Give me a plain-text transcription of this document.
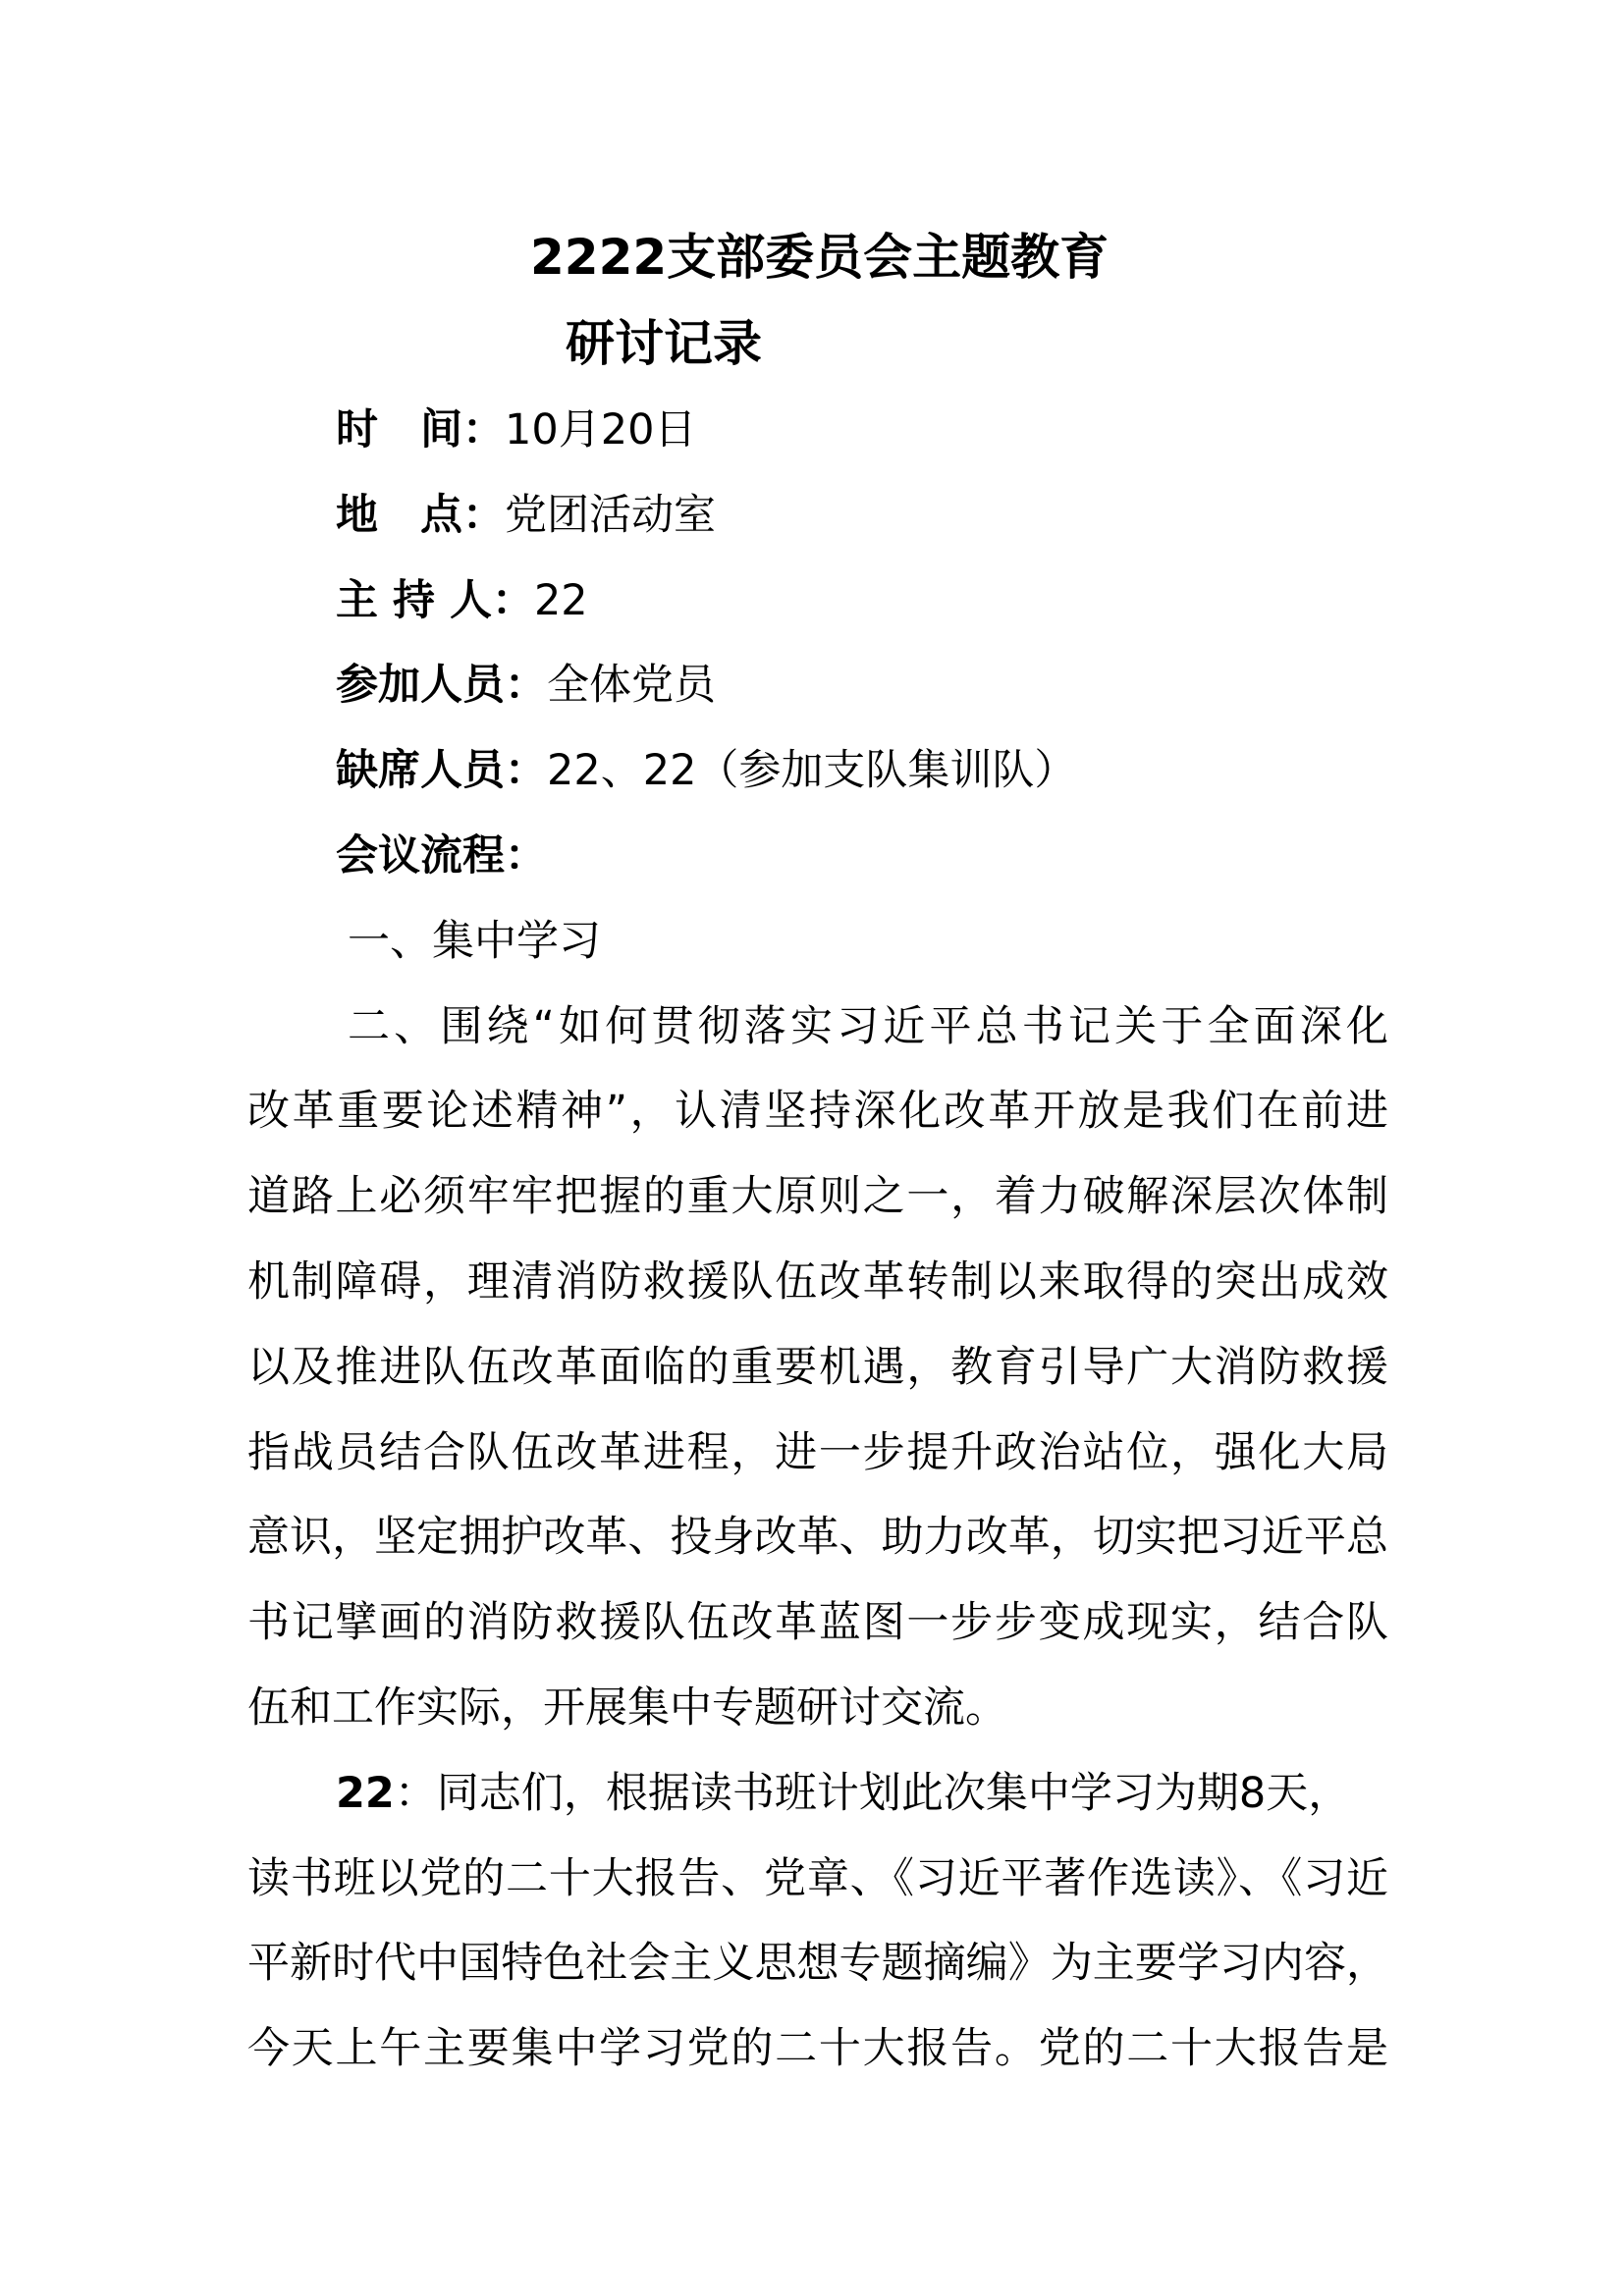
2222支部委员会主题教育
研讨记录
时　间：10月20日
地　点：党团活动室
主 持 人：22
参加人员：全体党员
缺席人员：22、22（参加支队集训队）
会议流程：
一、集中学习
二、围绕“如何贯彻落实习近平总书记关于全面深化
改革重要论述精神”，认清坚持深化改革开放是我们在前进
道路上必须牢牢把握的重大原则之一，着力破解深层次体制
机制障碍，理清消防救援队伍改革转制以来取得的突出成效
以及推进队伍改革面临的重要机遇，教育引导广大消防救援
指战员结合队伍改革进程，进一步提升政治站位，强化大局
意识，坚定拥护改革、投身改革、助力改革，切实把习近平总
书记擘画的消防救援队伍改革蓝图一步步变成现实，结合队
伍和工作实际，开展集中专题研讨交流。
22：同志们，根据读书班计划此次集中学习为期8天，
读书班以党的二十大报告、党章、《习近平著作选读》、《习近
平新时代中国特色社会主义思想专题摘编》为主要学习内容，
今天上午主要集中学习党的二十大报告。党的二十大报告是
